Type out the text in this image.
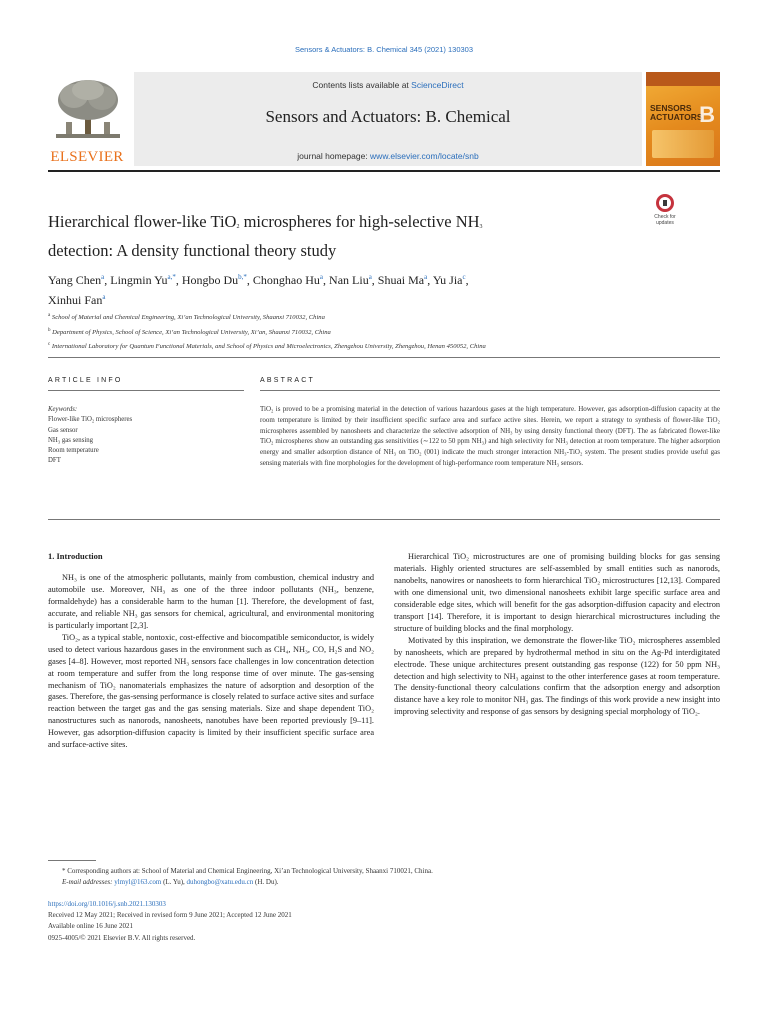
Sensors & Actuators: B. Chemical 345 (2021) 130303
ELSEVIER
Contents lists available at ScienceDirect
Sensors and Actuators: B. Chemical
journal homepage: www.elsevier.com/locate/snb
SENSORS
ACTUATORS
B
Check for
updates
Hierarchical flower-like TiO$_2$ microspheres for high-selective $NH_3$
detection: A density functional theory study
Yang Chen$^a$, Lingmin $Yu^{a,*}$, Hongbo $Du^{b,*}$, Chonghao Hu$^a$, Nan Liu$^a$, Shuai Ma$^a$, Yu Jia$^c$,
Xinhui Fan$^a$
$^a$ School of Material and Chemical Engineering, Xi’an Technological University, Shaanxi 710032, China
$^b$ Department of Physics, School of Science, Xi’an Technological University, Xi’an, Shaanxi 710032, China
$^c$ International Laboratory for Quantum Functional Materials, and School of Physics and Microelectronics, Zhengzhou University, Zhengzhou, Henan 450052, China
ARTICLE INFO
Keywords:
Flower-like TiO₂ microspheres
Gas sensor
NH₃ gas sensing
Room temperature
DFT
ABSTRACT
TiO₂ is proved to be a promising material in the detection of various hazardous gases at the high temperature. However, gas adsorption-diffusion capacity at the room temperature is limited by their insufficient specific surface area and surface active sites. Herein, we report a strategy to synthesis of flower-like TiO₂ microspheres assembled by nanosheets and characterize the selective adsorption of NH₃ by using density functional theory (DFT). The as fabricated flower-like TiO₂ microspheres show an outstanding gas sensitivities (∼122 to 50 ppm NH₃) and high selectivity for NH₃ detection at room temperature. The higher adsorption energy and smaller adsorption distance of NH₃ on TiO₂ (001) indicate the much stronger interaction NH₃-TiO₂ system. The present studies provide useful gas sensing materials with fine morphologies for the development of high-performance room temperature NH₃ sensors.
1. Introduction

NH₃ is one of the atmospheric pollutants, mainly from combustion, chemical industry and automobile use. Moreover, NH₃ as one of the three indoor pollutants (NH₃, benzene, formaldehyde) has a considerable harm to the human [1]. Therefore, the development of fast, accurate, and reliable NH₃ gas sensors for chemical, agricultural, and environmental monitoring is particularly important [2,3].

TiO₂, as a typical stable, nontoxic, cost-effective and biocompatible semiconductor, is widely used to detect various hazardous gases in the environment such as CH₄, NH₃, CO, H₂S and NO₂ gases [4–8]. However, most reported NH₃ sensors face challenges in low concentration detection at room temperature and suffer from the long response time of over minute. The gas-sensing mechanism of TiO₂ nanomaterials emphasizes the nature of adsorption and desorption of the gases. Therefore, the gas-sensing performance is closely related to surface active sites and surface reaction between the target gas and the gas sensing materials. Size and shape dependent TiO₂ nanostructures such as nanorods, nanosheets, nanotubes have been reported previously [9–11]. However, gas adsorption-diffusion capacity is limited by their insufficient specific surface area and surface-active sites.

Hierarchical TiO₂ microstructures are one of promising building blocks for gas sensing materials. Highly oriented structures are self-assembled by small entities such as nanorods, nanobelts, nanowires or nanosheets to form hierarchical TiO₂ microstructures [12,13]. Compared with one dimensional unit, two dimensional nanosheets exhibit large specific surface area and considerable edge sites, which will benefit for the gas adsorption-diffusion capacity and electron transport [14]. Therefore, it is important to design hierarchical microstructures including the structure of building blocks and the final morphology.

Motivated by this inspiration, we demonstrate the flower-like TiO₂ microspheres assembled by nanosheets, which are prepared by hydrothermal method in situ on the Ag-Pd interdigitated electrode. These unique architectures present outstanding gas response (122) for 50 ppm NH₃ detection and high selectivity to NH₃ against to the other interference gases at room temperature. The density-functional theory calculations confirm that the adsorption energy and adsorption distance have a key role to monitor NH₃ gas. The findings of this work provide a new insight into improving selectivity and response of gas sensors by designing special morphology of TiO₂.

* Corresponding authors at: School of Material and Chemical Engineering, Xi’an Technological University, Shaanxi 710021, China.
E-mail addresses: ylmyl@163.com (L. Yu), duhongbo@xatu.edu.cn (H. Du).
https://doi.org/10.1016/j.snb.2021.130303
Received 12 May 2021; Received in revised form 9 June 2021; Accepted 12 June 2021
Available online 16 June 2021
0925-4005/© 2021 Elsevier B.V. All rights reserved.
